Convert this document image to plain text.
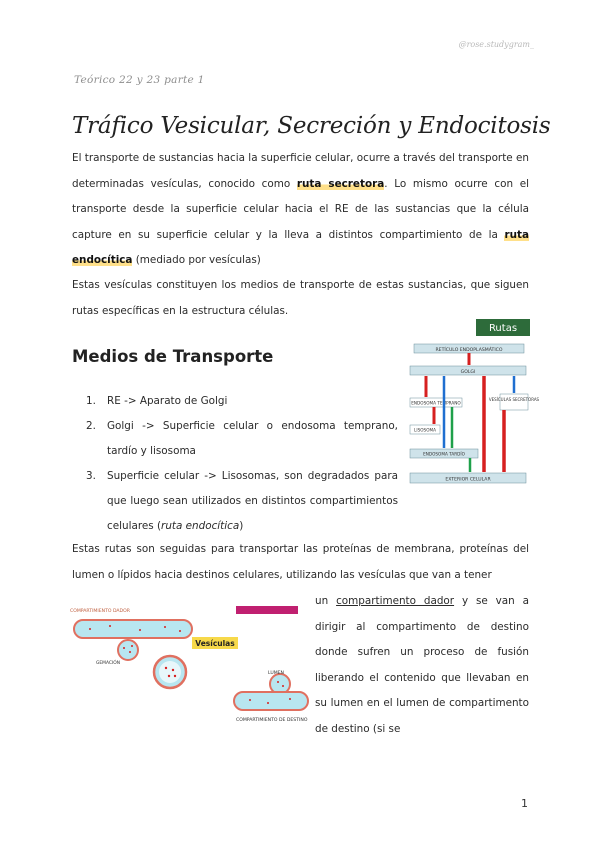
@rose.studygram_
Teórico 22 y 23 parte 1
Tráfico Vesicular, Secreción y Endocitosis
El transporte de sustancias hacia la superficie celular, ocurre a través del transporte en determinadas vesículas, conocido como ruta secretora. Lo mismo ocurre con el transporte desde la superficie celular hacia el RE de las sustancias que la célula capture en su superficie celular y la lleva a distintos compartimiento de la ruta endocítica (mediado por vesículas)
Estas vesículas constituyen los medios de transporte de estas sustancias, que siguen rutas específicas en la estructura células.
Medios de Transporte
1. RE -> Aparato de Golgi
2. Golgi -> Superficie celular o endosoma temprano, tardío y lisosoma
3. Superficie celular -> Lisosomas, son degradados para que luego sean utilizados en distintos compartimientos celulares (ruta endocítica)
Rutas
RETÍCULO ENDOPLASMÁTICO
GOLGI
ENDOSOMA TEMPRANO
VESÍCULAS SECRETORAS
LISOSOMA
ENDOSOMA TARDÍO
EXTERIOR CELULAR
Estas rutas son seguidas para transportar las proteínas de membrana, proteínas del lumen o lípidos hacia destinos celulares, utilizando las vesículas que van a tener
COMPARTIMIENTO DADOR
GEMACIÓN
Vesículas
LUMEN
COMPARTIMIENTO DE DESTINO
un compartimento dador y se van a dirigir al compartimento de destino donde sufren un proceso de fusión liberando el contenido que llevaban en su lumen en el lumen de compartimento de destino (si se
1
